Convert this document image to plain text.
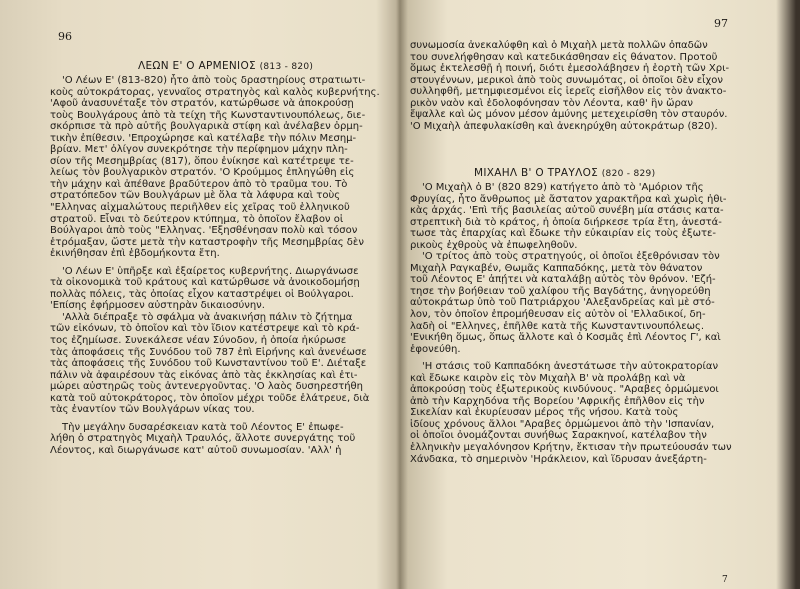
96
ΛΕΩΝ Ε' Ο ΑΡΜΕΝΙΟΣ (813 - 820)
'Ο Λέων Ε' (813-820) ἦτο ἀπὸ τοὺς δραστηρίους στρατιωτι-
κοὺς αὐτοκράτορας, γενναῖος στρατηγὸς καὶ καλὸς κυβερνήτης.
'Αφοῦ ἀνασυνέταξε τὸν στρατόν, κατώρθωσε νὰ ἀποκρούσῃ
τοὺς Βουλγάρους ἀπὸ τὰ τείχη τῆς Κωνσταντινουπόλεως, διε-
σκόρπισε τὰ πρὸ αὐτῆς βουλγαρικὰ στίφη καὶ ἀνέλαβεν ὁρμη-
τικὴν ἐπίθεσιν. 'Επροχώρησε καὶ κατέλαβε τὴν πόλιν Μεσημ-
βρίαν. Μετ' ὀλίγον συνεκρότησε τὴν περίφημον μάχην πλη-
σίον τῆς Μεσημβρίας (817), ὅπου ἐνίκησε καὶ κατέτρεψε τε-
λείως τὸν βουλγαρικὸν στρατόν. 'Ο Κρούμμος ἐπληγώθη εἰς
τὴν μάχην καὶ ἀπέθανε βραδύτερον ἀπὸ τὸ τραῦμα του. Τὸ
στρατόπεδον τῶν Βουλγάρων μὲ ὅλα τὰ λάφυρα καὶ τοὺς
"Ελληνας αἰχμαλώτους περιῆλθεν εἰς χεῖρας τοῦ ἑλληνικοῦ
στρατοῦ. Εἶναι τὸ δεύτερον κτύπημα, τὸ ὁποῖον ἔλαβον οἱ
Βούλγαροι ἀπὸ τοὺς "Ελληνας. 'Εξησθένησαν πολὺ καὶ τόσον
ἐτρόμαξαν, ὥστε μετὰ τὴν καταστροφὴν τῆς Μεσημβρίας δὲν
ἐκινήθησαν ἐπὶ ἑβδομήκοντα ἔτη.
'Ο Λέων Ε' ὑπῆρξε καὶ ἐξαίρετος κυβερνήτης. Διωργάνωσε
τὰ οἰκονομικὰ τοῦ κράτους καὶ κατώρθωσε νὰ ἀνοικοδομήσῃ
πολλὰς πόλεις, τὰς ὁποίας εἶχον καταστρέψει οἱ Βούλγαροι.
'Επίσης ἐφήρμοσεν αὐστηρὰν δικαιοσύνην.
'Αλλὰ διέπραξε τὸ σφάλμα νὰ ἀνακινήσῃ πάλιν τὸ ζήτημα
τῶν εἰκόνων, τὸ ὁποῖον καὶ τὸν ἴδιον κατέστρεψε καὶ τὸ κρά-
τος ἐζημίωσε. Συνεκάλεσε νέαν Σύνοδον, ἡ ὁποία ἠκύρωσε
τὰς ἀποφάσεις τῆς Συνόδου τοῦ 787 ἐπὶ Εἰρήνης καὶ ἀνενέωσε
τὰς ἀποφάσεις τῆς Συνόδου τοῦ Κωνσταντίνου τοῦ Ε'. Διέταξε
πάλιν νὰ ἀφαιρέσουν τὰς εἰκόνας ἀπὸ τὰς ἐκκλησίας καὶ ἐτι-
μώρει αὐστηρῶς τοὺς ἀντενεργοῦντας. 'Ο λαὸς δυσηρεστήθη
κατὰ τοῦ αὐτοκράτορος, τὸν ὁποῖον μέχρι τοῦδε ἐλάτρευε, διὰ
τὰς ἐναντίον τῶν Βουλγάρων νίκας του.
Τὴν μεγάλην δυσαρέσκειαν κατὰ τοῦ Λέοντος Ε' ἐπωφε-
λήθη ὁ στρατηγὸς Μιχαὴλ Τραυλός, ἄλλοτε συνεργάτης τοῦ
Λέοντος, καὶ διωργάνωσε κατ' αὐτοῦ συνωμοσίαν. 'Αλλ' ἡ
97
συνωμοσία ἀνεκαλύφθη καὶ ὁ Μιχαὴλ μετὰ πολλῶν ὀπαδῶν
του συνελήφθησαν καὶ κατεδικάσθησαν εἰς θάνατον. Προτοῦ
ὅμως ἐκτελεσθῇ ἡ ποινή, διότι ἐμεσολάβησεν ἡ ἑορτὴ τῶν Χρι-
στουγέννων, μερικοὶ ἀπὸ τοὺς συνωμότας, οἱ ὁποῖοι δὲν εἶχον
συλληφθῆ, μετημφιεσμένοι εἰς ἱερεῖς εἰσῆλθον εἰς τὸν ἀνακτο-
ρικὸν ναὸν καὶ ἐδολοφόνησαν τὸν Λέοντα, καθ' ἣν ὥραν
ἔψαλλε καὶ ὡς μόνον μέσον ἀμύνης μετεχειρίσθη τὸν σταυρόν.
'Ο Μιχαὴλ ἀπεφυλακίσθη καὶ ἀνεκηρύχθη αὐτοκράτωρ (820).
ΜΙΧΑΗΛ Β' Ο ΤΡΑΥΛΟΣ (820 - 829)
'Ο Μιχαὴλ ὁ Β' (820 829) κατήγετο ἀπὸ τὸ 'Αμόριον τῆς
Φρυγίας, ἦτο ἄνθρωπος μὲ ἄστατον χαρακτῆρα καὶ χωρὶς ἠθι-
κὰς ἀρχάς. 'Επὶ τῆς βασιλείας αὐτοῦ συνέβη μία στάσις κατα-
στρεπτικὴ διὰ τὸ κράτος, ἡ ὁποία διήρκεσε τρία ἔτη, ἀνεστά-
τωσε τὰς ἐπαρχίας καὶ ἔδωκε τὴν εὐκαιρίαν εἰς τοὺς ἐξωτε-
ρικοὺς ἐχθροὺς νὰ ἐπωφεληθοῦν.
'Ο τρίτος ἀπὸ τοὺς στρατηγούς, οἱ ὁποῖοι ἐξεθρόνισαν τὸν
Μιχαὴλ Ραγκαβέν, Θωμᾶς Καππαδόκης, μετὰ τὸν θάνατον
τοῦ Λέοντος Ε' ἀπῄτει νὰ καταλάβῃ αὐτὸς τὸν θρόνον. 'Εζή-
τησε τὴν βοήθειαν τοῦ χαλίφου τῆς Βαγδάτης, ἀνηγορεύθη
αὐτοκράτωρ ὑπὸ τοῦ Πατριάρχου 'Αλεξανδρείας καὶ μὲ στό-
λον, τὸν ὁποῖον ἐπρομήθευσαν εἰς αὐτὸν οἱ 'Ελλαδικοί, δη-
λαδὴ οἱ "Ελληνες, ἐπῆλθε κατὰ τῆς Κωνσταντινουπόλεως.
'Ενικήθη ὅμως, ὅπως ἄλλοτε καὶ ὁ Κοσμᾶς ἐπὶ Λέοντος Γ', καὶ
ἐφονεύθη.
'Η στάσις τοῦ Καππαδόκη ἀνεστάτωσε τὴν αὐτοκρατορίαν
καὶ ἔδωκε καιρὸν εἰς τὸν Μιχαὴλ Β' νὰ προλάβῃ καὶ νὰ
ἀποκρούσῃ τοὺς ἐξωτερικοὺς κινδύνους. "Αραβες ὁρμώμενοι
ἀπὸ τὴν Καρχηδόνα τῆς Βορείου 'Αφρικῆς ἐπῆλθον εἰς τὴν
Σικελίαν καὶ ἐκυρίευσαν μέρος τῆς νήσου. Κατὰ τοὺς
ἰδίους χρόνους ἄλλοι "Αραβες ὁρμώμενοι ἀπὸ τὴν 'Ισπανίαν,
οἱ ὁποῖοι ὀνομάζονται συνήθως Σαρακηνοί, κατέλαβον τὴν
ἑλληνικὴν μεγαλόνησον Κρήτην, ἔκτισαν τὴν πρωτεύουσάν των
Χάνδακα, τὸ σημερινὸν 'Ηράκλειον, καὶ ἵδρυσαν ἀνεξάρτη-
7
